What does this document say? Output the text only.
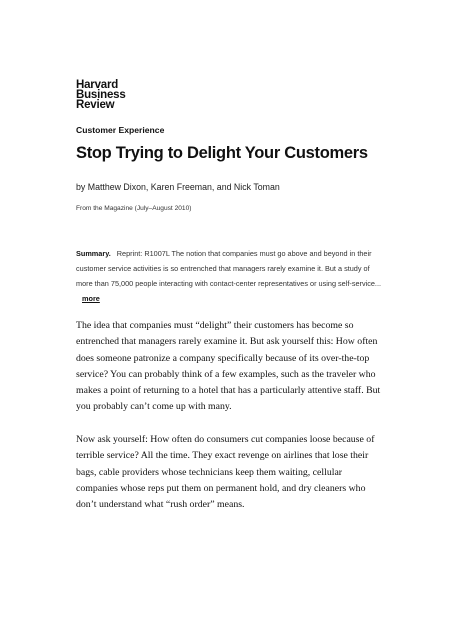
Harvard
Business
Review
Customer Experience
Stop Trying to Delight Your Customers
by Matthew Dixon, Karen Freeman, and Nick Toman
From the Magazine (July–August 2010)
Summary. Reprint: R1007L The notion that companies must go above and beyond in their customer service activities is so entrenched that managers rarely examine it. But a study of more than 75,000 people interacting with contact-center representatives or using self-service... more

The idea that companies must “delight” their customers has become so entrenched that managers rarely examine it. But ask yourself this: How often does someone patronize a company specifically because of its over-the-top service? You can probably think of a few examples, such as the traveler who makes a point of returning to a hotel that has a particularly attentive staff. But you probably can’t come up with many.

Now ask yourself: How often do consumers cut companies loose because of terrible service? All the time. They exact revenge on airlines that lose their bags, cable providers whose technicians keep them waiting, cellular companies whose reps put them on permanent hold, and dry cleaners who don’t understand what “rush order” means.
